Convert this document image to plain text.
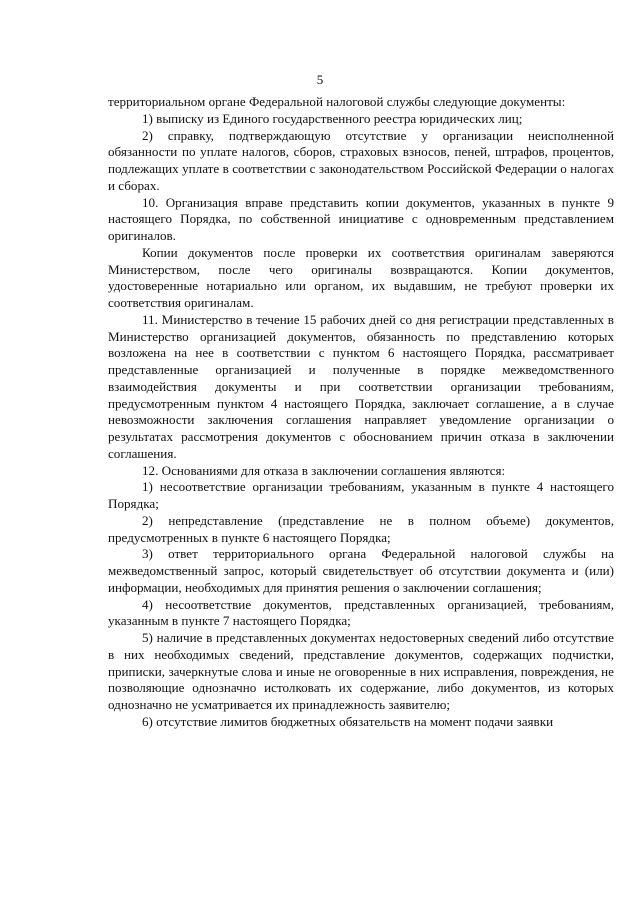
5

территориальном органе Федеральной налоговой службы следующие документы:

1) выписку из Единого государственного реестра юридических лиц;

2) справку, подтверждающую отсутствие у организации неисполненной обязанности по уплате налогов, сборов, страховых взносов, пеней, штрафов, процентов, подлежащих уплате в соответствии с законодательством Российской Федерации о налогах и сборах.

10. Организация вправе представить копии документов, указанных в пункте 9 настоящего Порядка, по собственной инициативе с одновременным представлением оригиналов.

Копии документов после проверки их соответствия оригиналам заверяются Министерством, после чего оригиналы возвращаются. Копии документов, удостоверенные нотариально или органом, их выдавшим, не требуют проверки их соответствия оригиналам.

11. Министерство в течение 15 рабочих дней со дня регистрации представленных в Министерство организацией документов, обязанность по представлению которых возложена на нее в соответствии с пунктом 6 настоящего Порядка, рассматривает представленные организацией и полученные в порядке межведомственного взаимодействия документы и при соответствии организации требованиям, предусмотренным пунктом 4 настоящего Порядка, заключает соглашение, а в случае невозможности заключения соглашения направляет уведомление организации о результатах рассмотрения документов с обоснованием причин отказа в заключении соглашения.

12. Основаниями для отказа в заключении соглашения являются:

1) несоответствие организации требованиям, указанным в пункте 4 настоящего Порядка;

2) непредставление (представление не в полном объеме) документов, предусмотренных в пункте 6 настоящего Порядка;

3) ответ территориального органа Федеральной налоговой службы на межведомственный запрос, который свидетельствует об отсутствии документа и (или) информации, необходимых для принятия решения о заключении соглашения;

4) несоответствие документов, представленных организацией, требованиям, указанным в пункте 7 настоящего Порядка;

5) наличие в представленных документах недостоверных сведений либо отсутствие в них необходимых сведений, представление документов, содержащих подчистки, приписки, зачеркнутые слова и иные не оговоренные в них исправления, повреждения, не позволяющие однозначно истолковать их содержание, либо документов, из которых однозначно не усматривается их принадлежность заявителю;

6) отсутствие лимитов бюджетных обязательств на момент подачи заявки
